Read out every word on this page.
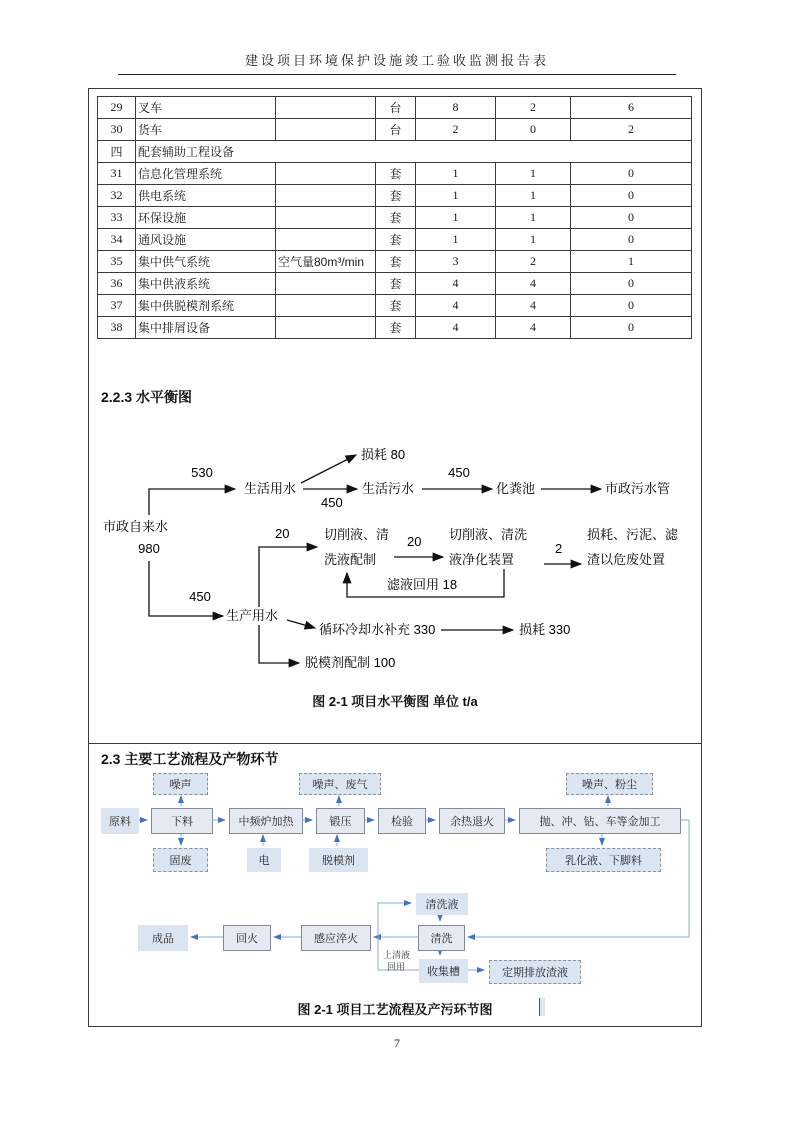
建设项目环境保护设施竣工验收监测报告表
29	叉车		台	8	2	6
30	货车		台	2	0	2
四	配套辅助工程设备					
31	信息化管理系统		套	1	1	0
32	供电系统		套	1	1	0
33	环保设施		套	1	1	0
34	通风设施		套	1	1	0
35	集中供气系统	空气量80m³/min	套	3	2	1
36	集中供液系统		套	4	4	0
37	集中供脱模剂系统		套	4	4	0
38	集中排屑设备		套	4	4	0
2.2.3 水平衡图
损耗 80
530
生活用水
450
生活污水
450
化粪池	市政污水管
市政自来水
980
20	切削液、清
洗液配制
20 切削液、清洗
液净化装置
2
损耗、污泥、滤
渣以危废处置
滤液回用 18
450
生产用水
循环冷却水补充 330	损耗 330
脱模剂配制 100
图 2-1 项目水平衡图 单位 t/a
2.3 主要工艺流程及产物环节
噪声	噪声、废气	噪声、粉尘
原料	下料	中频炉加热	锻压	检验	余热退火	抛、冲、钻、车等金加工
固废	电	脱模剂	乳化液、下脚料
清洗液
成品	回火	感应淬火	清洗
收集槽	定期排放渣液
上清液
回用
图 2-1 项目工艺流程及产污环节图
7
